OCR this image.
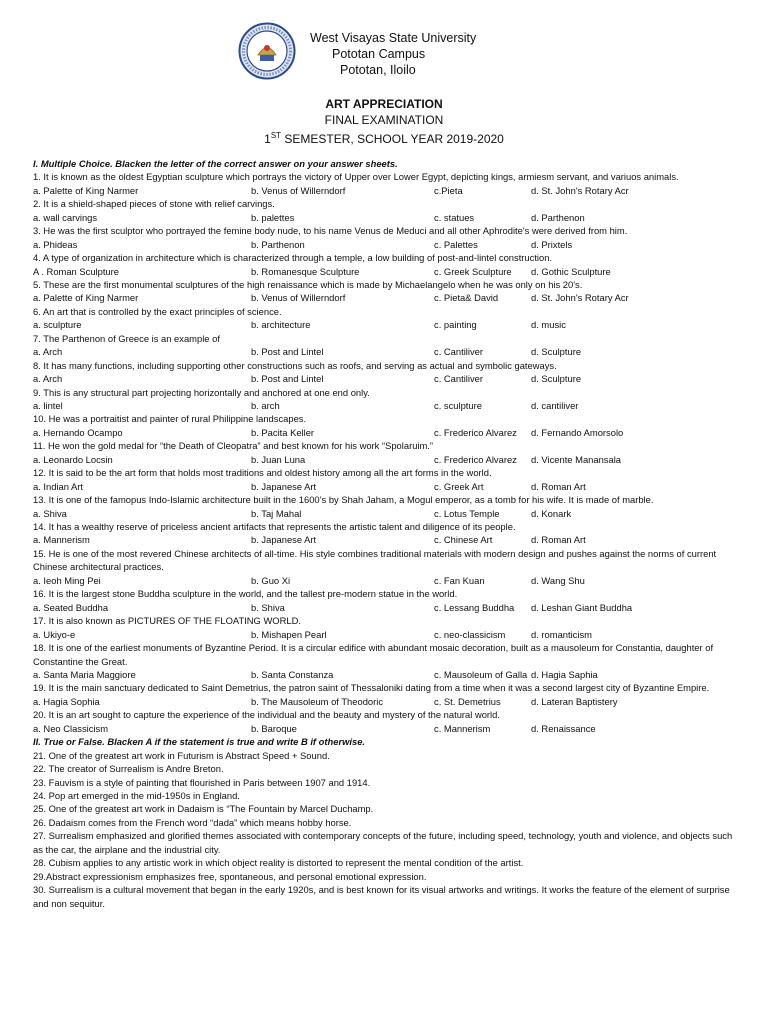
West Visayas State University
Pototan Campus
Pototan, Iloilo
ART APPRECIATION
FINAL EXAMINATION
1ST SEMESTER, SCHOOL YEAR 2019-2020
I. Multiple Choice. Blacken the letter of the correct answer on your answer sheets.
1. It is known as the oldest Egyptian sculpture which portrays the victory of Upper over Lower Egypt, depicting kings, armiesm servant, and variuos animals.
a. Palette of King Narmer	b. Venus of Willerndorf	c.Pieta	d. St. John's Rotary Acr
2. It is a shield-shaped pieces of stone with relief carvings.
a. wall carvings	b. palettes	c. statues	d. Parthenon
3. He was the first sculptor who portrayed the femine body nude, to his name Venus de Meduci and all other Aphrodite's were derived from him.
a. Phideas	b. Parthenon	c. Palettes	d. Prixtels
4. A type of organization in architecture which is characterized through a temple, a low building of post-and-lintel construction.
A . Roman Sculpture	b. Romanesque Sculpture	c. Greek Sculpture d. Gothic Sculpture
5. These are the first monumental sculptures of the high renaissance which is made by Michaelangelo when he was only on his 20's.
a. Palette of King Narmer	b. Venus of Willerndorf	c. Pieta& David	d. St. John's Rotary Acr
6. An art that is controlled by the exact principles of science.
a. sculpture	b. architecture	c. painting	d. music
7. The Parthenon of Greece is an example of
a. Arch	b. Post and Lintel	c. Cantiliver	d. Sculpture
8. It has many functions, including supporting other constructions such as roofs, and serving as actual and symbolic gateways.
a. Arch	b. Post and Lintel	c. Cantiliver	d. Sculpture
9. This is any structural part projecting horizontally and anchored at one end only.
a. lintel	b. arch	c. sculpture	d. cantiliver
10. He was a portraitist and painter of rural Philippine landscapes.
a. Hernando Ocampo	b. Pacita Keller	c. Frederico Alvarez d. Fernando Amorsolo
11. He won the gold medal for “the Death of Cleopatra” and best known for his work “Spolaruim.”
a. Leonardo Locsin	b. Juan Luna	c. Frederico Alvarez d. Vicente Manansala
12. It is said to be the art form that holds most traditions and oldest history among all the art forms in the world.
a. Indian Art	b. Japanese Art	c. Greek Art	d. Roman Art
13. It is one of the famopus Indo-Islamic architecture built in the 1600’s by Shah Jaham, a Mogul emperor, as a tomb for his wife. It is made of marble.
a. Shiva	b. Taj Mahal	c. Lotus Temple	d. Konark
14. It has a wealthy reserve of priceless ancient artifacts that represents the artistic talent and diligence of its people.
a. Mannerism	b. Japanese Art	c. Chinese Art	d. Roman Art
15. He is one of the most revered Chinese architects of all-time. His style combines traditional materials with modern design and pushes against the norms of current Chinese architectural practices.
a. Ieoh Ming Pei	b. Guo Xi	c. Fan Kuan	d. Wang Shu
16. It is the largest stone Buddha sculpture in the world, and the tallest pre-modern statue in the world.
a. Seated Buddha	b. Shiva	c. Lessang Buddha d. Leshan Giant Buddha
17. It is also known as PICTURES OF THE FLOATING WORLD.
a. Ukiyo-e	b. Mishapen Pearl	c. neo-classicism	d. romanticism
18. It is one of the earliest monuments of Byzantine Period. It is a circular edifice with abundant mosaic decoration, built as a mausoleum for Constantia, daughter of Constantine the Great.
a. Santa Maria Maggiore	b. Santa Constanza	c. Mausoleum of Galla d. Hagia Saphia
19. It is the main sanctuary dedicated to Saint Demetrius, the patron saint of Thessaloniki dating from a time when it was a second largest city of Byzantine Empire.
a. Hagia Sophia	b. The Mausoleum of Theodoric	c. St. Demetrius	d. Lateran Baptistery
20. It is an art sought to capture the experience of the individual and the beauty and mystery of the natural world.
a. Neo Classicism	b. Baroque	c. Mannerism	d. Renaissance
II. True or False. Blacken A if the statement is true and write B if otherwise.
21. One of the greatest art work in Futurism is Abstract Speed + Sound.
22. The creator of Surrealism is Andre Breton.
23. Fauvism is a style of painting that flourished in Paris between 1907 and 1914.
24. Pop art emerged in the mid-1950s in England.
25. One of the greatest art work in Dadaism is “The Fountain by Marcel Duchamp.
26. Dadaism comes from the French word “dada” which means hobby horse.
27. Surrealism emphasized and glorified themes associated with contemporary concepts of the future, including speed, technology, youth and violence, and objects such as the car, the airplane and the industrial city.
28. Cubism applies to any artistic work in which object reality is distorted to represent the mental condition of the artist.
29.Abstract expressionism emphasizes free, spontaneous, and personal emotional expression.
30. Surrealism is a cultural movement that began in the early 1920s, and is best known for its visual artworks and writings. It works the feature of the element of surprise and non sequitur.
